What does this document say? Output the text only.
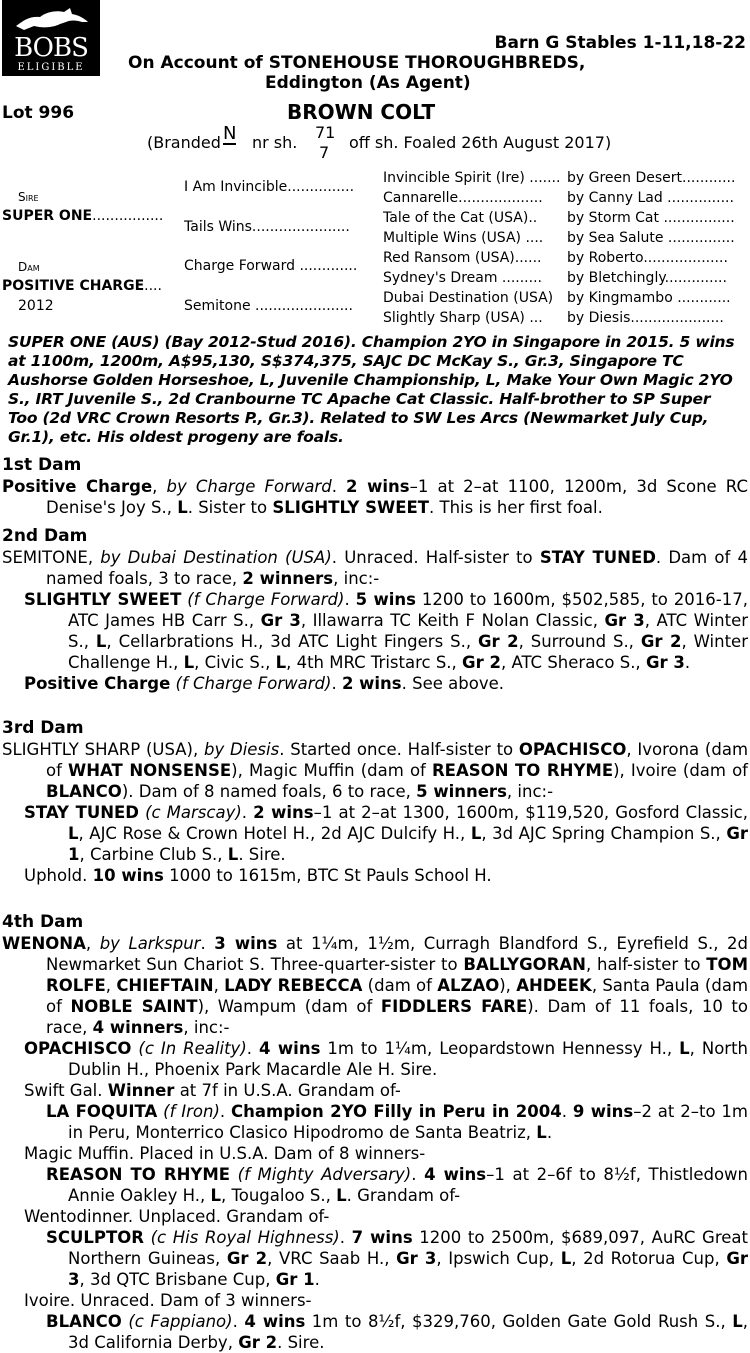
BOBS
ELIGIBLE
Barn G Stables 1-11,18-22
On Account of STONEHOUSE THOROUGHBREDS,
Eddington (As Agent)
Lot 996	BROWN COLT
(Branded N nr sh.
71
7
off sh. Foaled 26th August 2017)
Sire
SUPER ONE................
Dam
POSITIVE CHARGE....
2012
I Am Invincible...............
Tails Wins......................
Charge Forward .............
Semitone ......................
Invincible Spirit (Ire) ....... by Green Desert............
Cannarelle................... by Canny Lad ...............
Tale of the Cat (USA).. by Storm Cat ................
Multiple Wins (USA) .... by Sea Salute ...............
Red Ransom (USA)...... by Roberto...................
Sydney's Dream ......... by Bletchingly..............
Dubai Destination (USA) by Kingmambo ............
Slightly Sharp (USA) ... by Diesis.....................
SUPER ONE (AUS) (Bay 2012-Stud 2016). Champion 2YO in Singapore in 2015. 5 wins at 1100m, 1200m, A$95,130, S$374,375, SAJC DC McKay S., Gr.3, Singapore TC Aushorse Golden Horseshoe, L, Juvenile Championship, L, Make Your Own Magic 2YO S., IRT Juvenile S., 2d Cranbourne TC Apache Cat Classic. Half-brother to SP Super Too (2d VRC Crown Resorts P., Gr.3). Related to SW Les Arcs (Newmarket July Cup, Gr.1), etc. His oldest progeny are foals.
1st Dam

Positive Charge, by Charge Forward. 2 wins–1 at 2–at 1100, 1200m, 3d Scone RC Denise's Joy S., L. Sister to SLIGHTLY SWEET. This is her first foal.

2nd Dam

SEMITONE, by Dubai Destination (USA). Unraced. Half-sister to STAY TUNED. Dam of 4 named foals, 3 to race, 2 winners, inc:-

SLIGHTLY SWEET (f Charge Forward). 5 wins 1200 to 1600m, $502,585, to 2016-17, ATC James HB Carr S., Gr 3, Illawarra TC Keith F Nolan Classic, Gr 3, ATC Winter S., L, Cellarbrations H., 3d ATC Light Fingers S., Gr 2, Surround S., Gr 2, Winter Challenge H., L, Civic S., L, 4th MRC Tristarc S., Gr 2, ATC Sheraco S., Gr 3.

Positive Charge (f Charge Forward). 2 wins. See above.

3rd Dam

SLIGHTLY SHARP (USA), by Diesis. Started once. Half-sister to OPACHISCO, Ivorona (dam of WHAT NONSENSE), Magic Muffin (dam of REASON TO RHYME), Ivoire (dam of BLANCO). Dam of 8 named foals, 6 to race, 5 winners, inc:-

STAY TUNED (c Marscay). 2 wins–1 at 2–at 1300, 1600m, $119,520, Gosford Classic, L, AJC Rose & Crown Hotel H., 2d AJC Dulcify H., L, 3d AJC Spring Champion S., Gr 1, Carbine Club S., L. Sire.

Uphold. 10 wins 1000 to 1615m, BTC St Pauls School H.

4th Dam

WENONA, by Larkspur. 3 wins at 1¼m, 1½m, Curragh Blandford S., Eyrefield S., 2d Newmarket Sun Chariot S. Three-quarter-sister to BALLYGORAN, half-sister to TOM ROLFE, CHIEFTAIN, LADY REBECCA (dam of ALZAO), AHDEEK, Santa Paula (dam of NOBLE SAINT), Wampum (dam of FIDDLERS FARE). Dam of 11 foals, 10 to race, 4 winners, inc:-

OPACHISCO (c In Reality). 4 wins 1m to 1¼m, Leopardstown Hennessy H., L, North Dublin H., Phoenix Park Macardle Ale H. Sire.

Swift Gal. Winner at 7f in U.S.A. Grandam of-

LA FOQUITA (f Iron). Champion 2YO Filly in Peru in 2004. 9 wins–2 at 2–to 1m in Peru, Monterrico Clasico Hipodromo de Santa Beatriz, L.

Magic Muffin. Placed in U.S.A. Dam of 8 winners-

REASON TO RHYME (f Mighty Adversary). 4 wins–1 at 2–6f to 8½f, Thistledown Annie Oakley H., L, Tougaloo S., L. Grandam of-

Wentodinner. Unplaced. Grandam of-

SCULPTOR (c His Royal Highness). 7 wins 1200 to 2500m, $689,097, AuRC Great Northern Guineas, Gr 2, VRC Saab H., Gr 3, Ipswich Cup, L, 2d Rotorua Cup, Gr 3, 3d QTC Brisbane Cup, Gr 1.

Ivoire. Unraced. Dam of 3 winners-

BLANCO (c Fappiano). 4 wins 1m to 8½f, $329,760, Golden Gate Gold Rush S., L, 3d California Derby, Gr 2. Sire.
